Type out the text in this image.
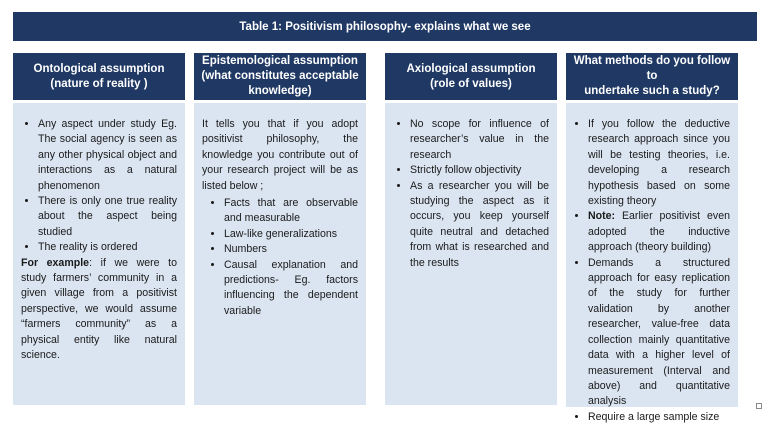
Table 1: Positivism philosophy- explains what we see
Ontological assumption
(nature of reality )
• Any aspect under study Eg. The social agency is seen as any other physical object and interactions as a natural phenomenon
• There is only one true reality about the aspect being studied
• The reality is ordered

For example: if we were to study farmers’ community in a given village from a positivist perspective, we would assume “farmers community” as a physical entity like natural science.

Epistemological assumption
(what constitutes acceptable knowledge)

It tells you that if you adopt positivist philosophy, the knowledge you contribute out of your research project will be as listed below ;

• Facts that are observable and measurable
• Law-like generalizations
• Numbers
• Causal explanation and predictions- Eg. factors influencing the dependent variable
Axiological assumption
(role of values)
• No scope for influence of researcher’s value in the research
• Strictly follow objectivity
• As a researcher you will be studying the aspect as it occurs, you keep yourself quite neutral and detached from what is researched and the results
What methods do you follow to
undertake such a study?
• If you follow the deductive research approach since you will be testing theories, i.e. developing a research hypothesis based on some existing theory
• Note: Earlier positivist even adopted the inductive approach (theory building)
• Demands a structured approach for easy replication of the study for further validation by another researcher, value-free data collection mainly quantitative data with a higher level of measurement (Interval and above) and quantitative analysis
• Require a large sample size
